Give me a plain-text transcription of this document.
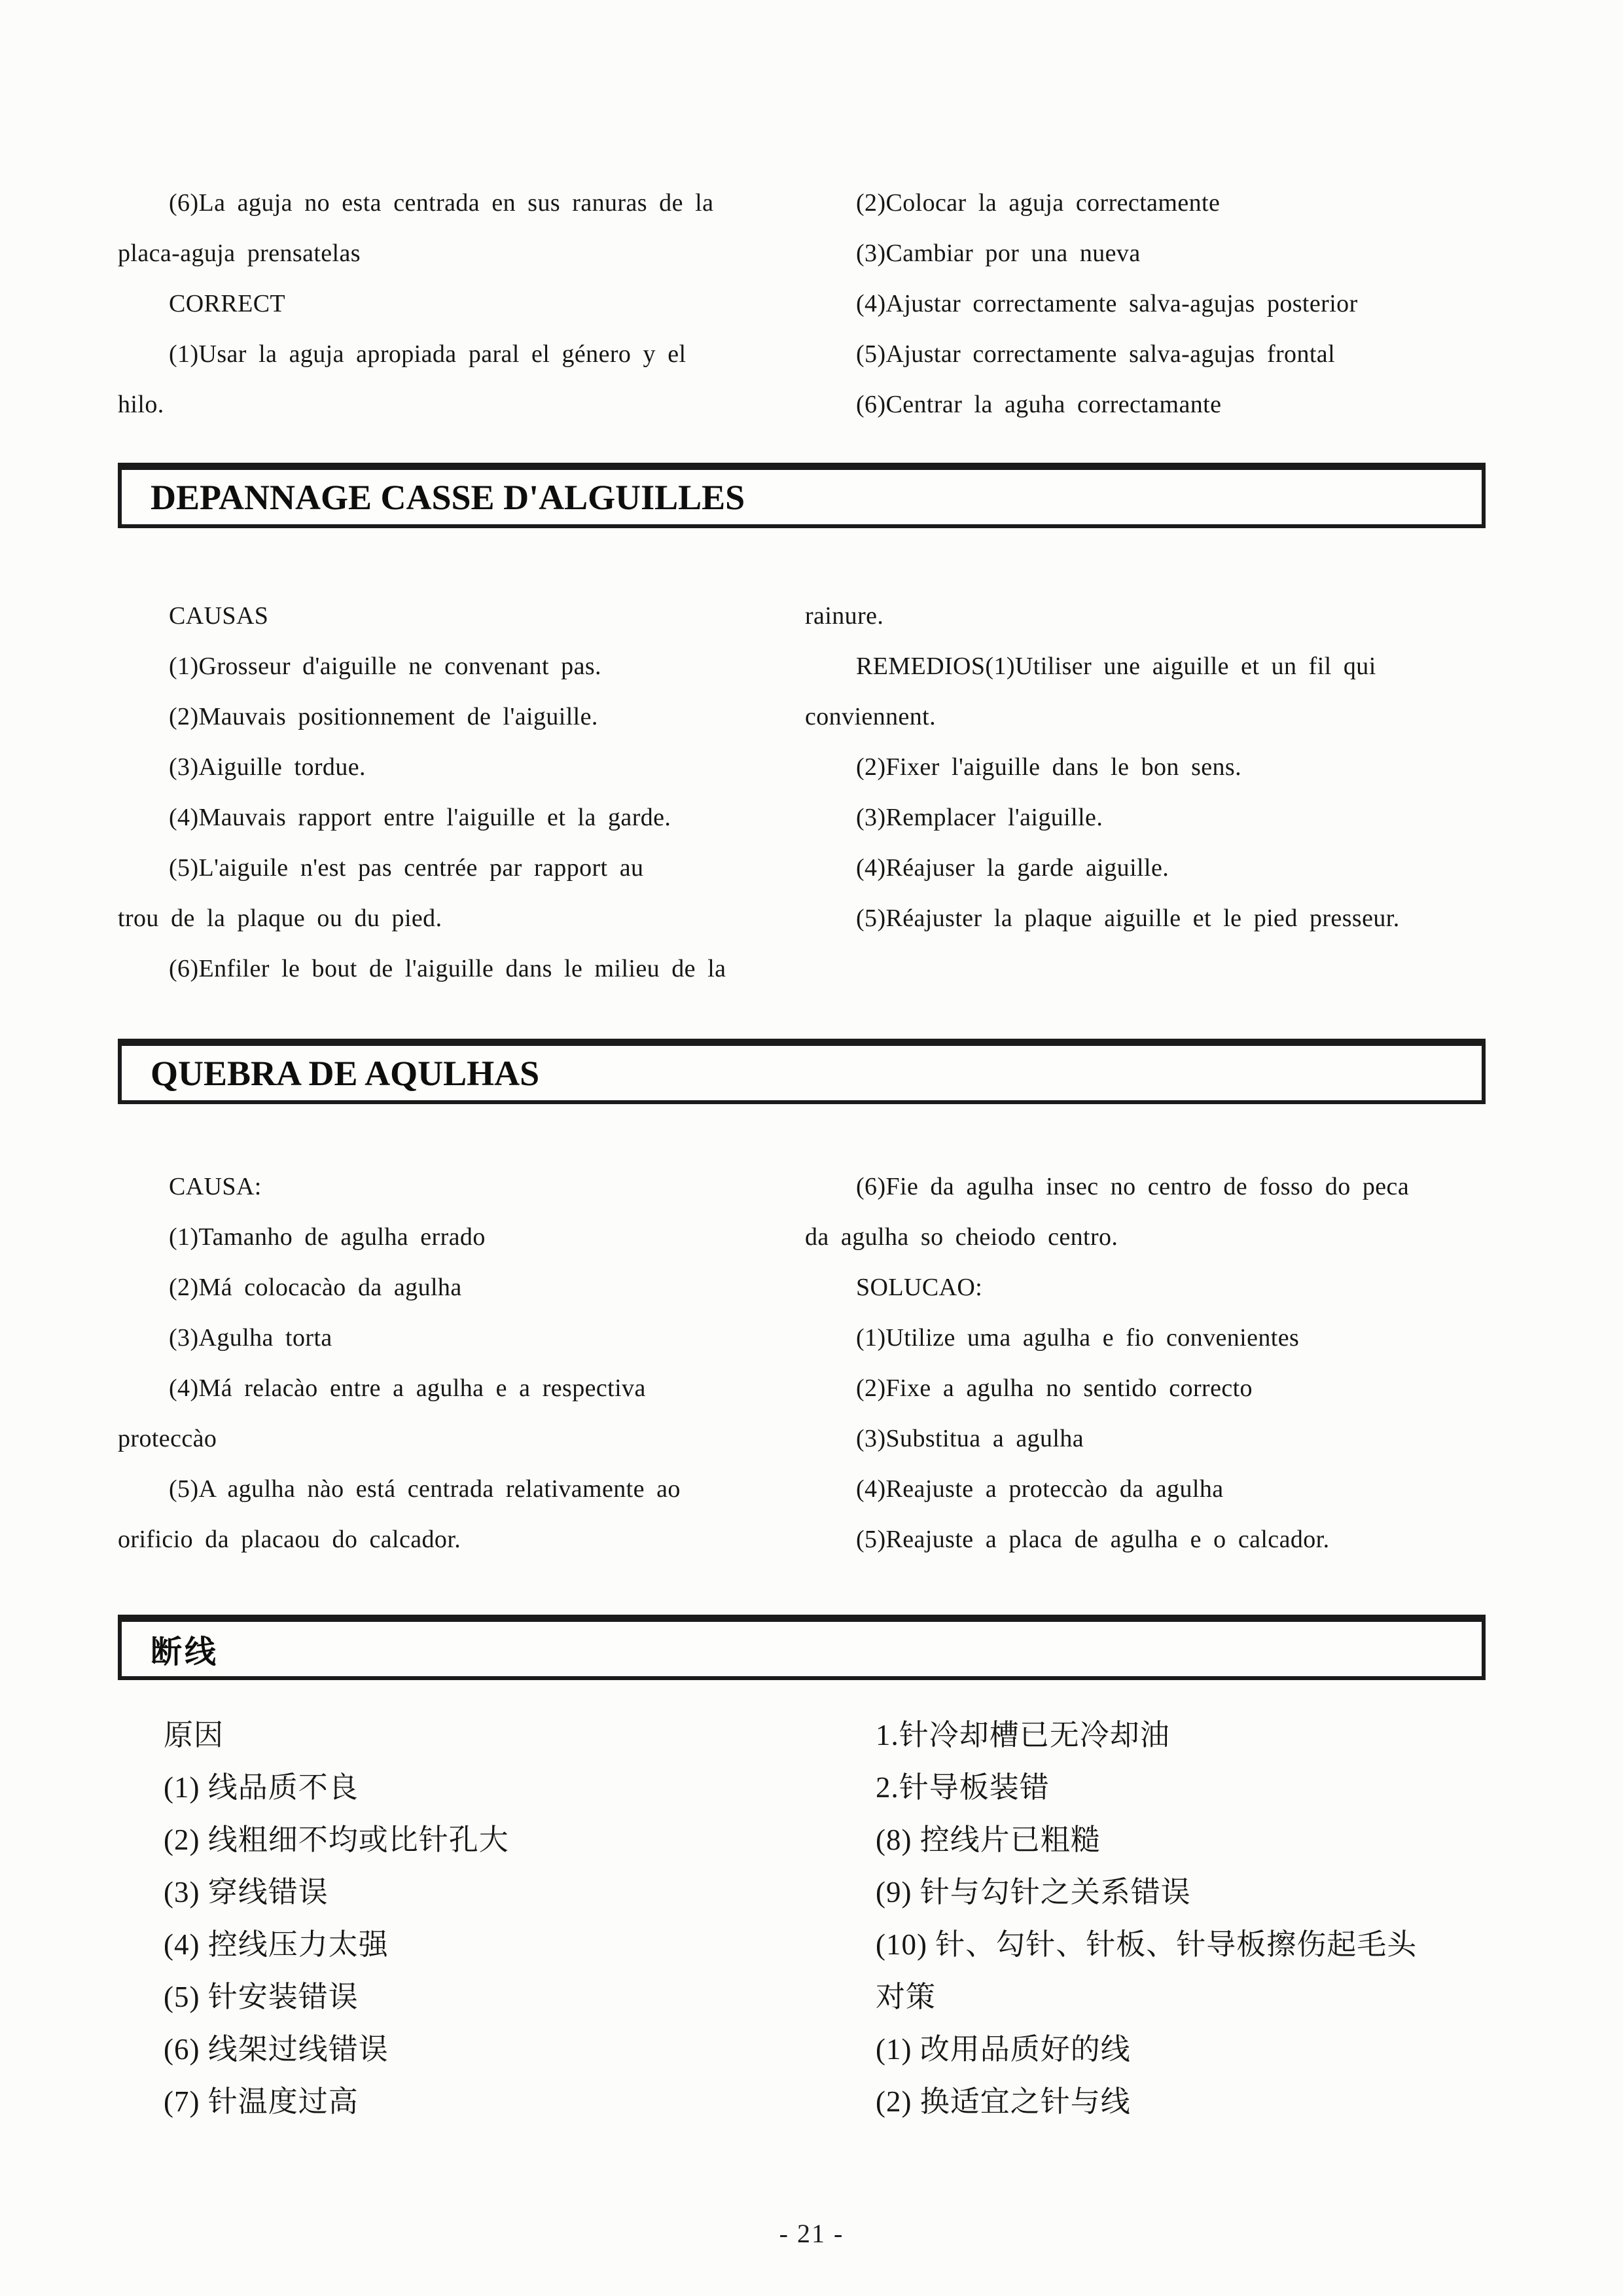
(6)La aguja no esta centrada en sus ranuras de la
placa-aguja prensatelas
CORRECT
(1)Usar la aguja apropiada paral el género y el
hilo.
(2)Colocar la aguja correctamente
(3)Cambiar por una nueva
(4)Ajustar correctamente salva-agujas posterior
(5)Ajustar correctamente salva-agujas frontal
(6)Centrar la aguha correctamante
DEPANNAGE CASSE D'ALGUILLES
CAUSAS
(1)Grosseur d'aiguille ne convenant pas.
(2)Mauvais positionnement de l'aiguille.
(3)Aiguille tordue.
(4)Mauvais rapport entre l'aiguille et la garde.
(5)L'aiguile n'est pas centrée par rapport au
trou de la plaque ou du pied.
(6)Enfiler le bout de l'aiguille dans le milieu de la
rainure.
REMEDIOS(1)Utiliser une aiguille et un fil qui
conviennent.
(2)Fixer l'aiguille dans le bon sens.
(3)Remplacer l'aiguille.
(4)Réajuser la garde aiguille.
(5)Réajuster la plaque aiguille et le pied presseur.
QUEBRA DE AQULHAS
CAUSA:
(1)Tamanho de agulha errado
(2)Má colocacào da agulha
(3)Agulha torta
(4)Má relacào entre a agulha e a respectiva
proteccào
(5)A agulha nào está centrada relativamente ao
orificio da placaou do calcador.
(6)Fie da agulha insec no centro de fosso do peca
da agulha so cheiodo centro.
SOLUCAO:
(1)Utilize uma agulha e fio convenientes
(2)Fixe a agulha no sentido correcto
(3)Substitua a agulha
(4)Reajuste a proteccào da agulha
(5)Reajuste a placa de agulha e o calcador.
断线
原因
(1) 线品质不良
(2) 线粗细不均或比针孔大
(3) 穿线错误
(4) 控线压力太强
(5) 针安装错误
(6) 线架过线错误
(7) 针温度过高
1.针冷却槽已无冷却油
2.针导板装错
(8) 控线片已粗糙
(9) 针与勾针之关系错误
(10) 针、勾针、针板、针导板擦伤起毛头
对策
(1) 改用品质好的线
(2) 换适宜之针与线
- 21 -
